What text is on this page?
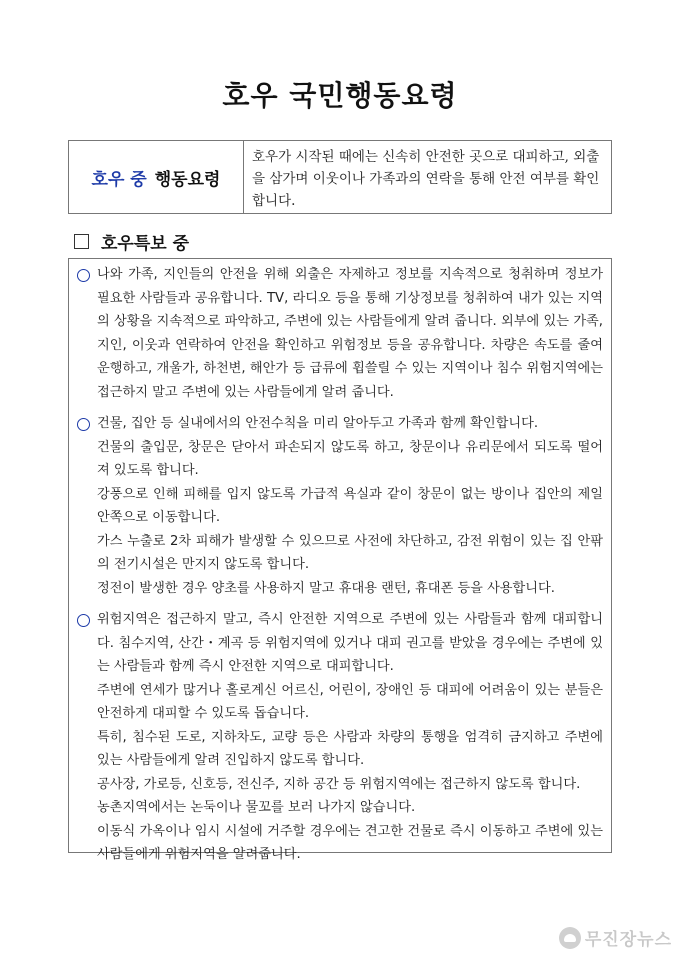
호우 국민행동요령
호우 중 행동요령
호우가 시작된 때에는 신속히 안전한 곳으로 대피하고, 외출을 삼가며 이웃이나 가족과의 연락을 통해 안전 여부를 확인합니다.
호우특보 중

나와 가족, 지인들의 안전을 위해 외출은 자제하고 정보를 지속적으로 청취하며 정보가 필요한 사람들과 공유합니다. TV, 라디오 등을 통해 기상정보를 청취하여 내가 있는 지역의 상황을 지속적으로 파악하고, 주변에 있는 사람들에게 알려 줍니다. 외부에 있는 가족, 지인, 이웃과 연락하여 안전을 확인하고 위험정보 등을 공유합니다. 차량은 속도를 줄여 운행하고, 개울가, 하천변, 해안가 등 급류에 휩쓸릴 수 있는 지역이나 침수 위험지역에는 접근하지 말고 주변에 있는 사람들에게 알려 줍니다.

건물, 집안 등 실내에서의 안전수칙을 미리 알아두고 가족과 함께 확인합니다.

건물의 출입문, 창문은 닫아서 파손되지 않도록 하고, 창문이나 유리문에서 되도록 떨어져 있도록 합니다.

강풍으로 인해 피해를 입지 않도록 가급적 욕실과 같이 창문이 없는 방이나 집안의 제일 안쪽으로 이동합니다.

가스 누출로 2차 피해가 발생할 수 있으므로 사전에 차단하고, 감전 위험이 있는 집 안팎의 전기시설은 만지지 않도록 합니다.

정전이 발생한 경우 양초를 사용하지 말고 휴대용 랜턴, 휴대폰 등을 사용합니다.

위험지역은 접근하지 말고, 즉시 안전한 지역으로 주변에 있는 사람들과 함께 대피합니다. 침수지역, 산간・계곡 등 위험지역에 있거나 대피 권고를 받았을 경우에는 주변에 있는 사람들과 함께 즉시 안전한 지역으로 대피합니다.

주변에 연세가 많거나 홀로계신 어르신, 어린이, 장애인 등 대피에 어려움이 있는 분들은 안전하게 대피할 수 있도록 돕습니다.

특히, 침수된 도로, 지하차도, 교량 등은 사람과 차량의 통행을 엄격히 금지하고 주변에 있는 사람들에게 알려 진입하지 않도록 합니다.

공사장, 가로등, 신호등, 전신주, 지하 공간 등 위험지역에는 접근하지 않도록 합니다.

농촌지역에서는 논둑이나 물꼬를 보러 나가지 않습니다.

이동식 가옥이나 임시 시설에 거주할 경우에는 견고한 건물로 즉시 이동하고 주변에 있는 사람들에게 위험지역을 알려줍니다.

무진장뉴스
